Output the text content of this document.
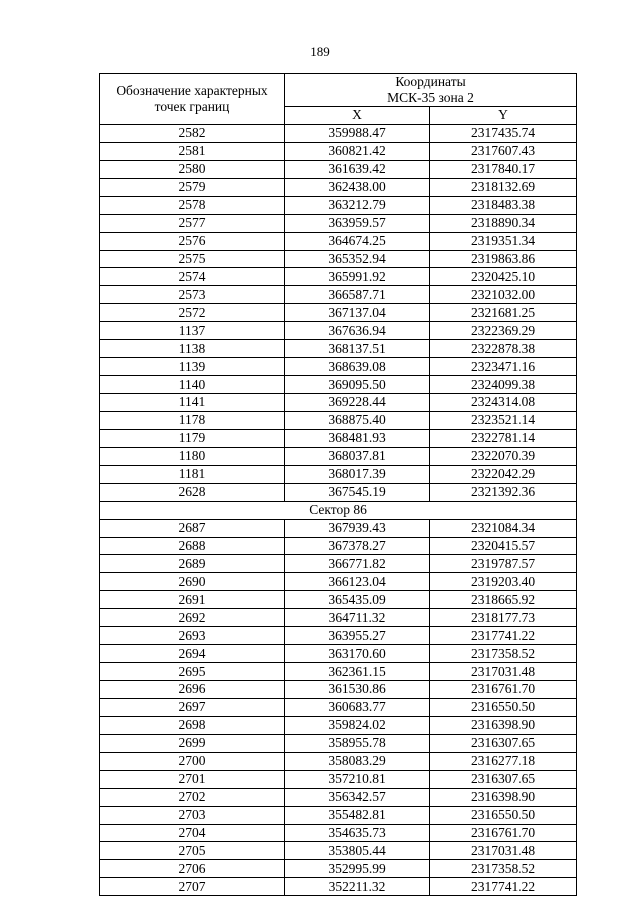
189
Обозначение характерных
точек границ	Координаты
МСК-35 зона 2	
	X	Y
2582	359988.47	2317435.74
2581	360821.42	2317607.43
2580	361639.42	2317840.17
2579	362438.00	2318132.69
2578	363212.79	2318483.38
2577	363959.57	2318890.34
2576	364674.25	2319351.34
2575	365352.94	2319863.86
2574	365991.92	2320425.10
2573	366587.71	2321032.00
2572	367137.04	2321681.25
1137	367636.94	2322369.29
1138	368137.51	2322878.38
1139	368639.08	2323471.16
1140	369095.50	2324099.38
1141	369228.44	2324314.08
1178	368875.40	2323521.14
1179	368481.93	2322781.14
1180	368037.81	2322070.39
1181	368017.39	2322042.29
2628	367545.19	2321392.36
Сектор 86		
2687	367939.43	2321084.34
2688	367378.27	2320415.57
2689	366771.82	2319787.57
2690	366123.04	2319203.40
2691	365435.09	2318665.92
2692	364711.32	2318177.73
2693	363955.27	2317741.22
2694	363170.60	2317358.52
2695	362361.15	2317031.48
2696	361530.86	2316761.70
2697	360683.77	2316550.50
2698	359824.02	2316398.90
2699	358955.78	2316307.65
2700	358083.29	2316277.18
2701	357210.81	2316307.65
2702	356342.57	2316398.90
2703	355482.81	2316550.50
2704	354635.73	2316761.70
2705	353805.44	2317031.48
2706	352995.99	2317358.52
2707	352211.32	2317741.22
